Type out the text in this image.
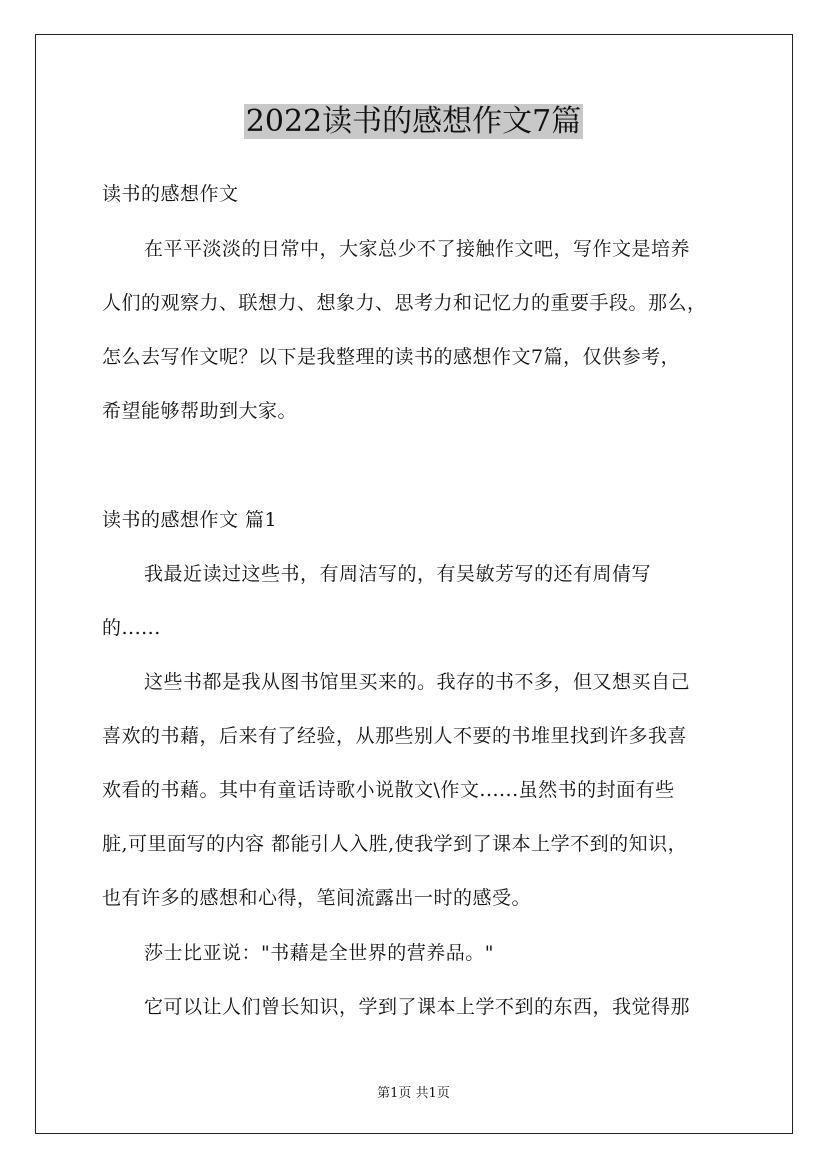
2022读书的感想作文7篇

读书的感想作文

在平平淡淡的日常中，大家总少不了接触作文吧，写作文是培养

人们的观察力、联想力、想象力、思考力和记忆力的重要手段。那么，

怎么去写作文呢？以下是我整理的读书的感想作文7篇，仅供参考，

希望能够帮助到大家。

读书的感想作文 篇1

我最近读过这些书，有周洁写的，有吴敏芳写的还有周倩写

的......

这些书都是我从图书馆里买来的。我存的书不多，但又想买自己

喜欢的书藉，后来有了经验，从那些别人不要的书堆里找到许多我喜

欢看的书藉。其中有童话诗歌小说散文\作文......虽然书的封面有些

脏,可里面写的内容 都能引人入胜,使我学到了课本上学不到的知识，

也有许多的感想和心得，笔间流露出一时的感受。

莎士比亚说："书藉是全世界的营养品。"

它可以让人们曾长知识，学到了课本上学不到的东西，我觉得那

第1页 共1页
